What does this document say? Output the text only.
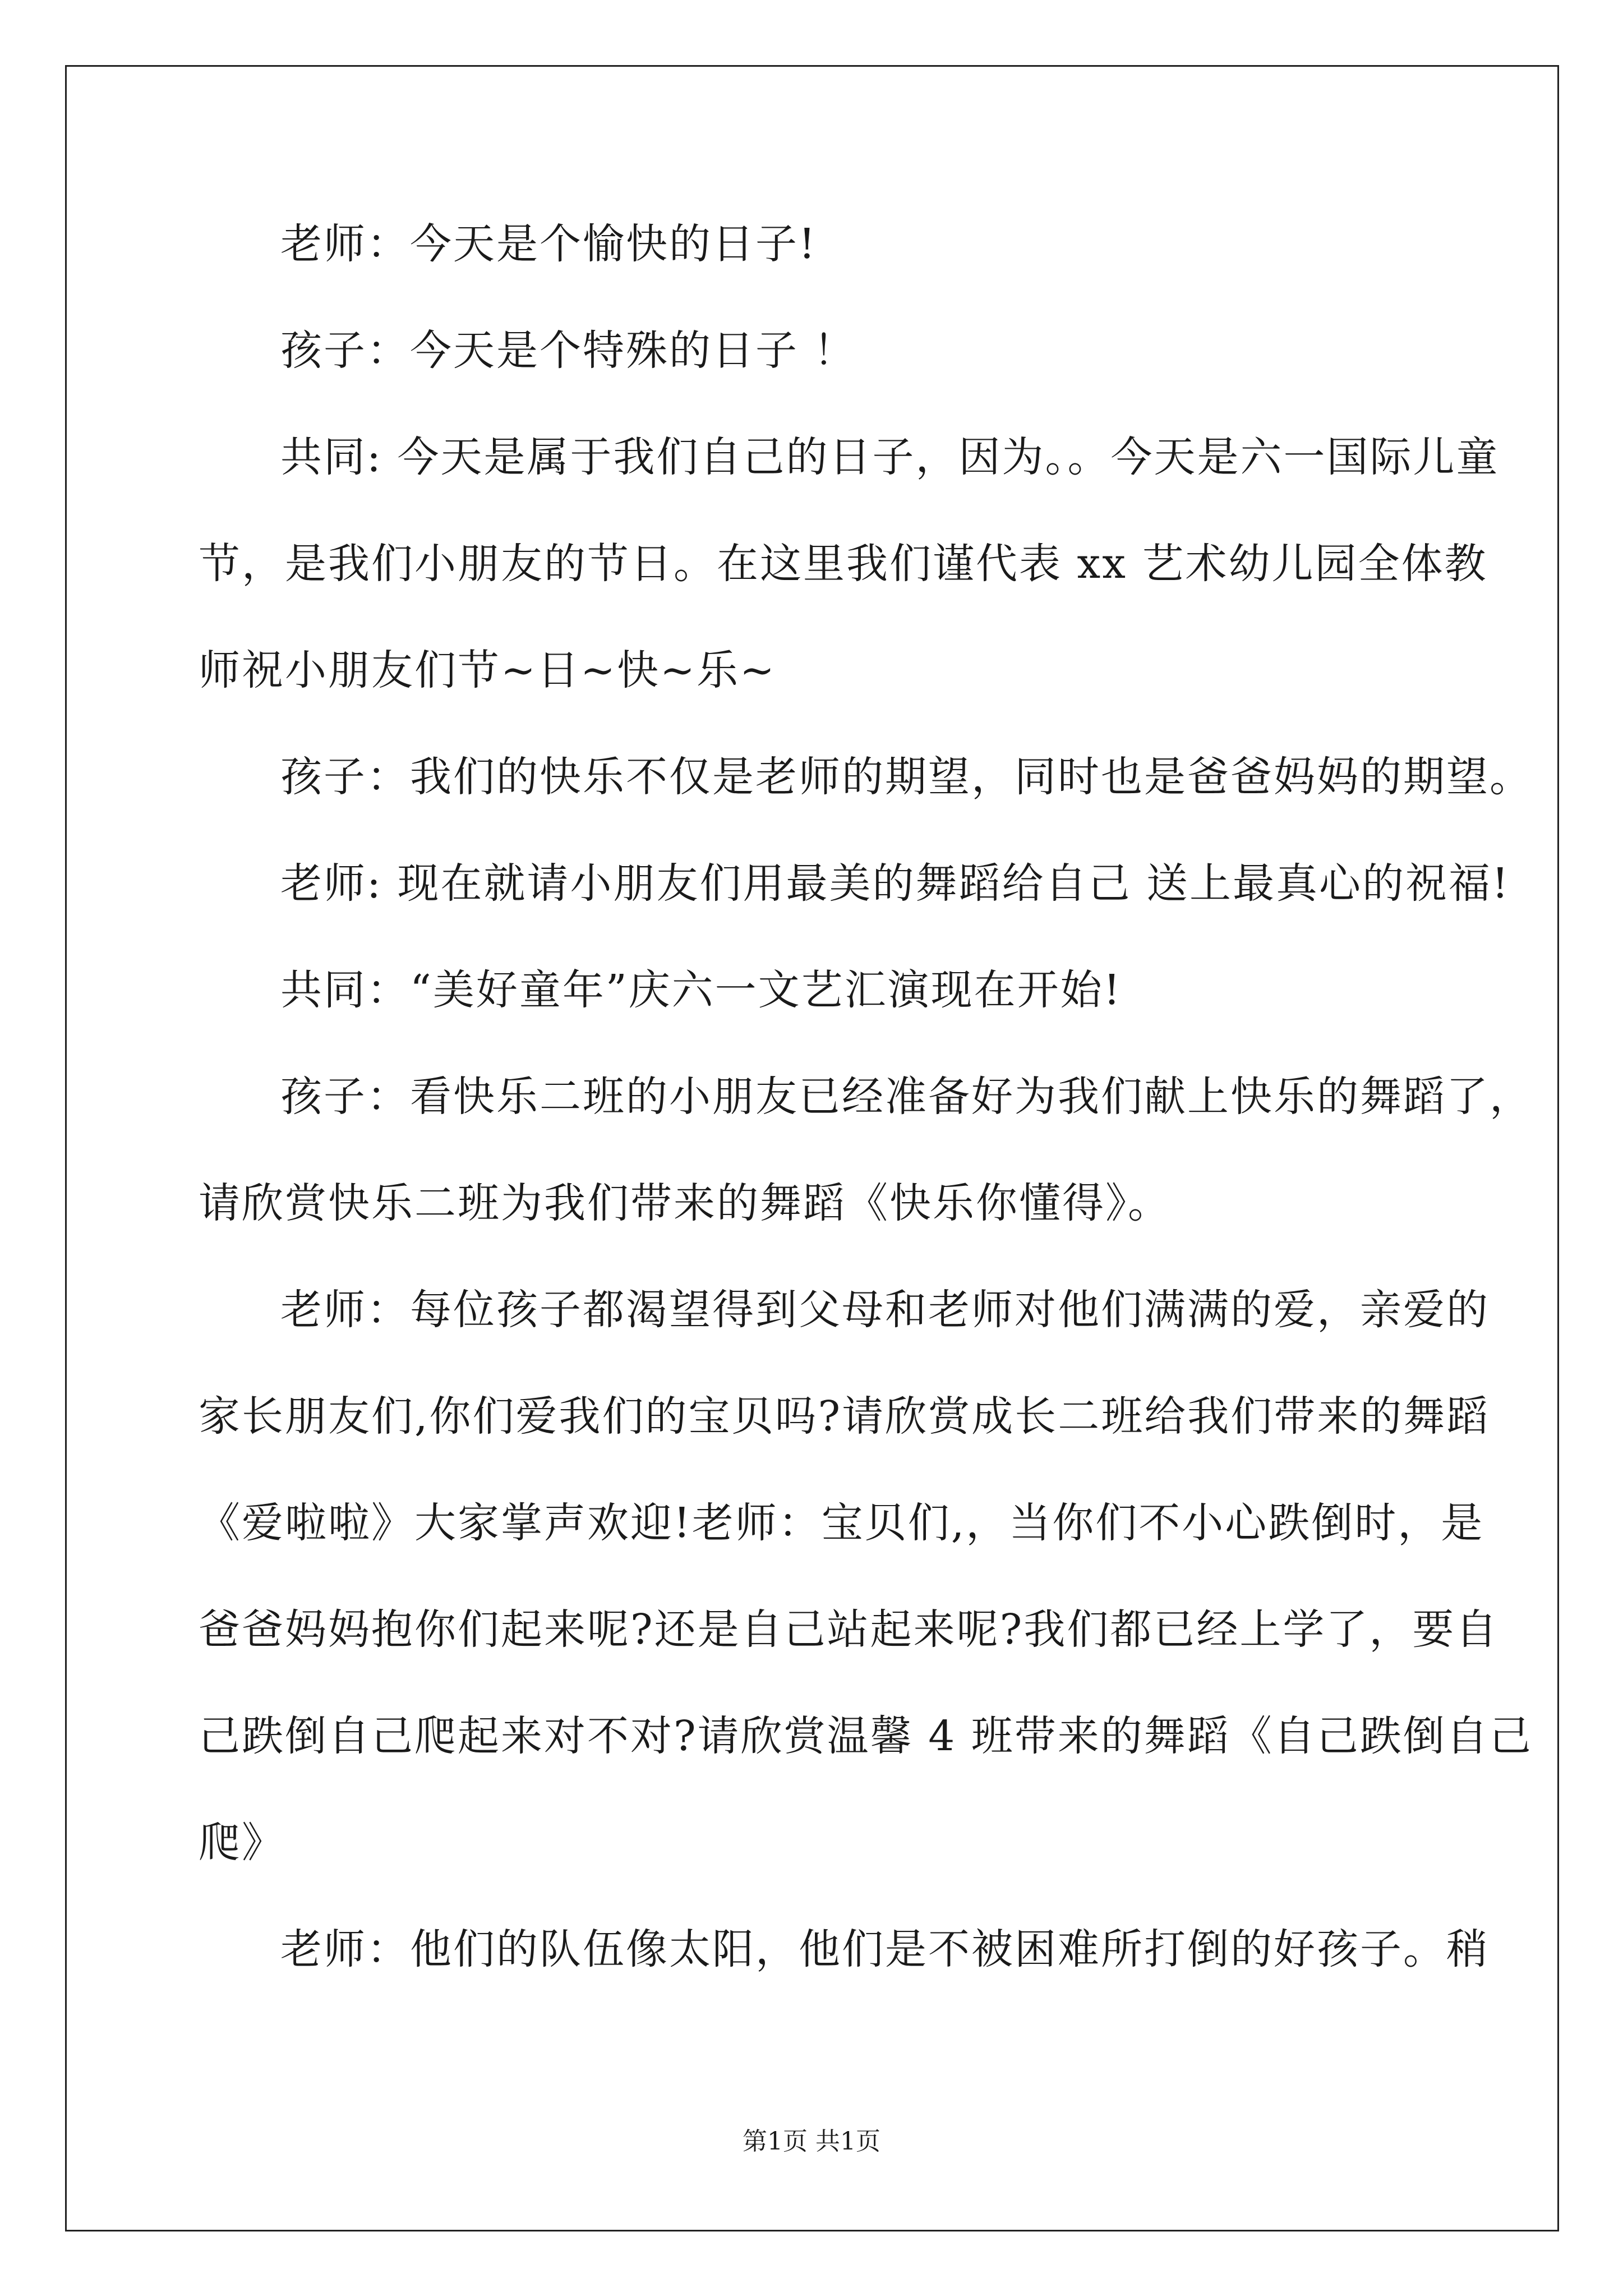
老师：今天是个愉快的日子!
孩子：今天是个特殊的日子 ！
共同: 今天是属于我们自己的日子，因为。。今天是六一国际儿童
节，是我们小朋友的节日。在这里我们谨代表 xx 艺术幼儿园全体教
师祝小朋友们节~日~快~乐~
孩子：我们的快乐不仅是老师的期望，同时也是爸爸妈妈的期望。
老师: 现在就请小朋友们用最美的舞蹈给自己 送上最真心的祝福!
共同：“美好童年”庆六一文艺汇演现在开始!
孩子：看快乐二班的小朋友已经准备好为我们献上快乐的舞蹈了，
请欣赏快乐二班为我们带来的舞蹈《快乐你懂得》。
老师：每位孩子都渴望得到父母和老师对他们满满的爱，亲爱的
家长朋友们,你们爱我们的宝贝吗?请欣赏成长二班给我们带来的舞蹈
《爱啦啦》大家掌声欢迎!老师：宝贝们,，当你们不小心跌倒时，是
爸爸妈妈抱你们起来呢?还是自己站起来呢?我们都已经上学了，要自
己跌倒自己爬起来对不对?请欣赏温馨 4 班带来的舞蹈《自己跌倒自己
爬》
老师：他们的队伍像太阳，他们是不被困难所打倒的好孩子。稍
第1页 共1页
